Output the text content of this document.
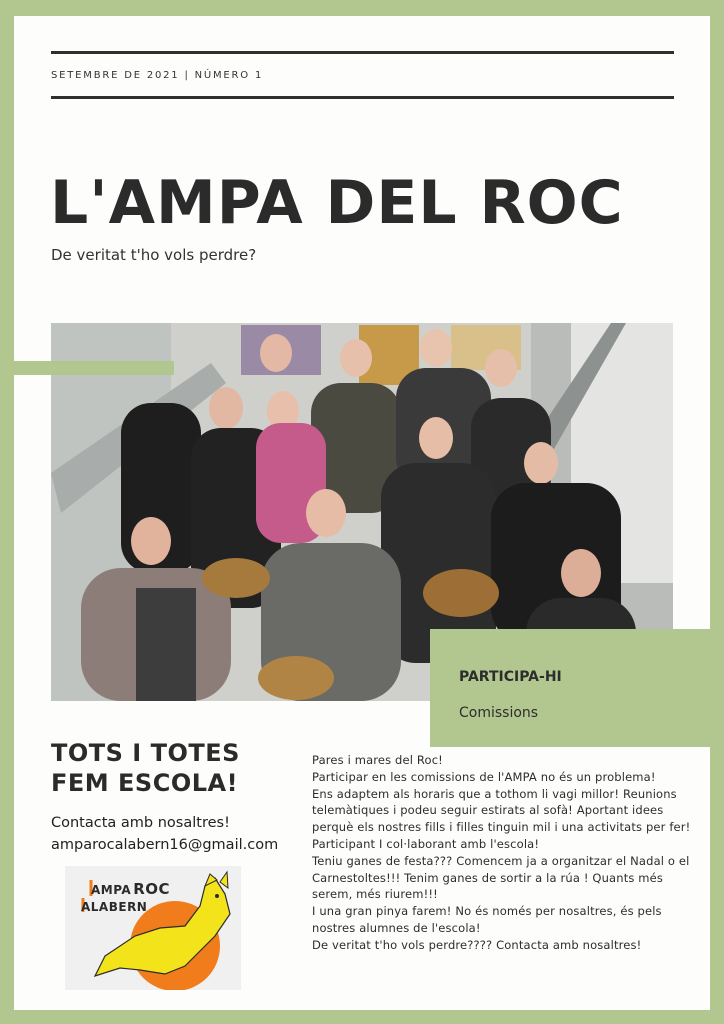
SETEMBRE DE 2021 | NÚMERO 1
L'AMPA DEL ROC
De veritat t'ho vols perdre?
PARTICIPA-HI
Comissions
TOTS I TOTES
FEM ESCOLA!
Contacta amb nosaltres!
amparocalabern16@gmail.com
AMPA ROC
ALABERN
Pares i mares del Roc!
Participar en les comissions de l'AMPA no és un problema!
Ens adaptem als horaris que a tothom li vagi millor! Reunions
telemàtiques i podeu seguir estirats al sofà! Aportant idees
perquè els nostres fills i filles tinguin mil i una activitats per fer!
Participant I col·laborant amb l'escola!
Teniu ganes de festa??? Comencem ja a organitzar el Nadal o el
Carnestoltes!!! Tenim ganes de sortir a la rúa ! Quants més
serem, més riurem!!!
I una gran pinya farem! No és només per nosaltres, és pels
nostres alumnes de l'escola!
De veritat t'ho vols perdre???? Contacta amb nosaltres!
